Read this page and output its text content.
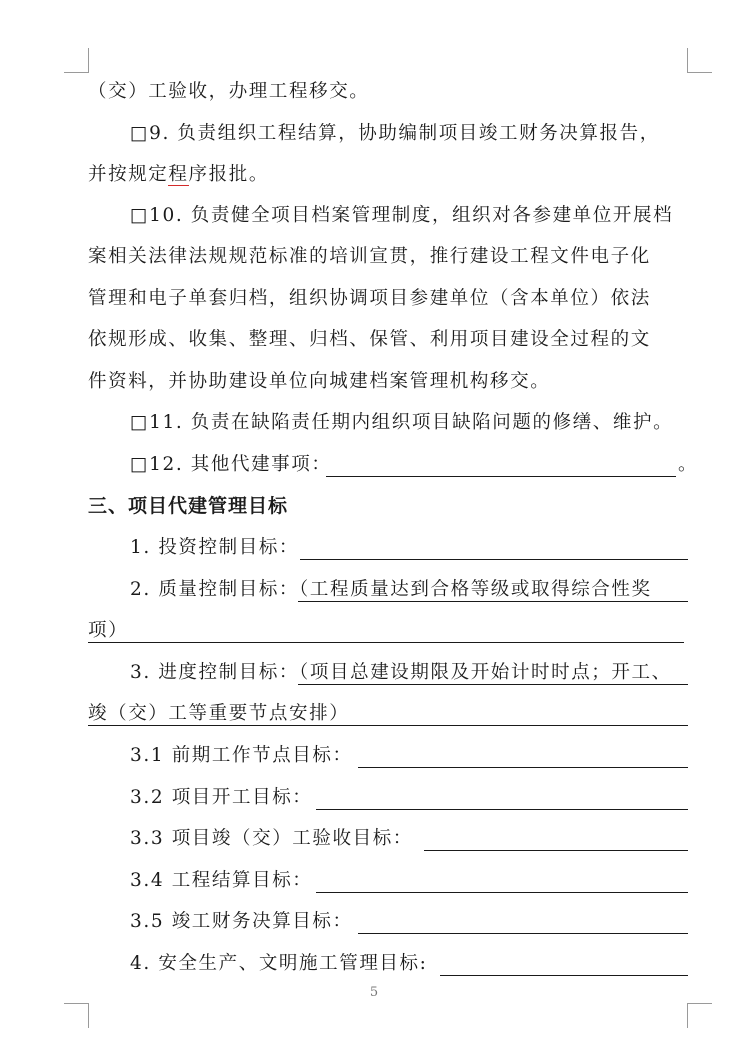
（交）工验收，办理工程移交。
□9. 负责组织工程结算，协助编制项目竣工财务决算报告，
并按规定程序报批。
□10. 负责健全项目档案管理制度，组织对各参建单位开展档
案相关法律法规规范标准的培训宣贯，推行建设工程文件电子化
管理和电子单套归档，组织协调项目参建单位（含本单位）依法
依规形成、收集、整理、归档、保管、利用项目建设全过程的文
件资料，并协助建设单位向城建档案管理机构移交。
□11. 负责在缺陷责任期内组织项目缺陷问题的修缮、维护。
□12. 其他代建事项：	。
三、项目代建管理目标
1. 投资控制目标：
2. 质量控制目标：（工程质量达到合格等级或取得综合性奖
项）
3. 进度控制目标：（项目总建设期限及开始计时时点；开工、
竣（交）工等重要节点安排）
3.1 前期工作节点目标：
3.2 项目开工目标：
3.3 项目竣（交）工验收目标：
3.4 工程结算目标：
3.5 竣工财务决算目标：
4. 安全生产、文明施工管理目标:
5
